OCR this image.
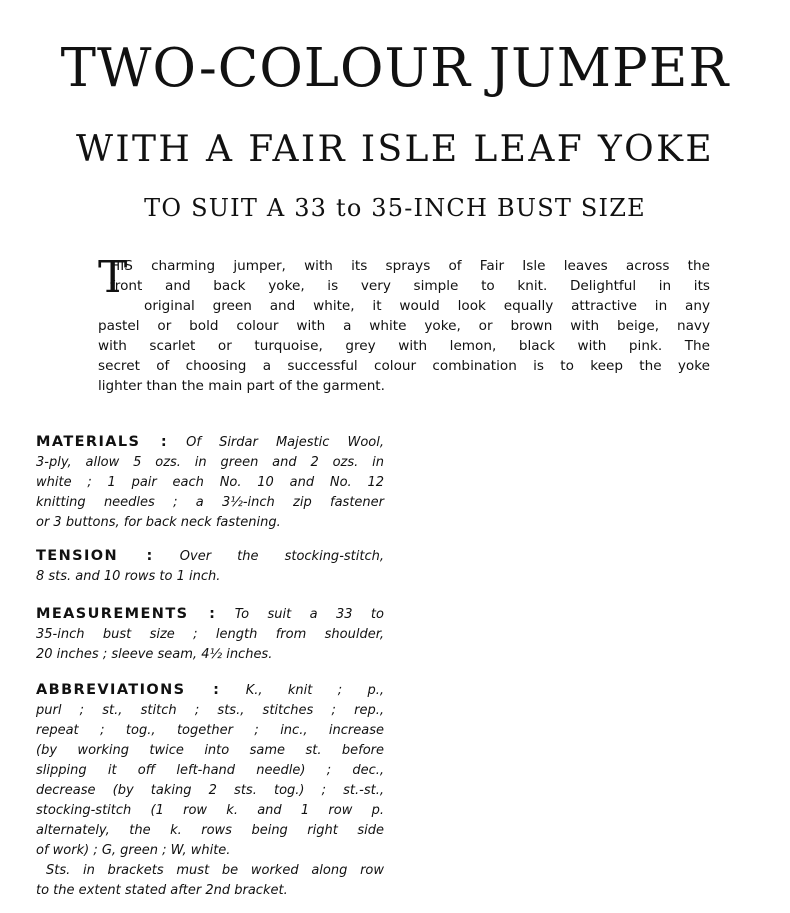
TWO-COLOUR JUMPER
WITH A FAIR ISLE LEAF YOKE
TO SUIT A 33 to 35-INCH BUST SIZE
T
HIS charming jumper, with its sprays of Fair Isle leaves across the
front and back yoke, is very simple to knit. Delightful in its
original green and white, it would look equally attractive in any
pastel or bold colour with a white yoke, or brown with beige, navy
with scarlet or turquoise, grey with lemon, black with pink. The
secret of choosing a successful colour combination is to keep the yoke
lighter than the main part of the garment.
MATERIALS : Of Sirdar Majestic Wool,
3-ply, allow 5 ozs. in green and 2 ozs. in
white ; 1 pair each No. 10 and No. 12
knitting needles ; a 3½-inch zip fastener
or 3 buttons, for back neck fastening.
TENSION : Over the stocking-stitch,
8 sts. and 10 rows to 1 inch.
MEASUREMENTS : To suit a 33 to
35-inch bust size ; length from shoulder,
20 inches ; sleeve seam, 4½ inches.
ABBREVIATIONS : K., knit ; p.,
purl ; st., stitch ; sts., stitches ; rep.,
repeat ; tog., together ; inc., increase
(by working twice into same st. before
slipping it off left-hand needle) ; dec.,
decrease (by taking 2 sts. tog.) ; st.-st.,
stocking-stitch (1 row k. and 1 row p.
alternately, the k. rows being right side
of work) ; G, green ; W, white.
Sts. in brackets must be worked along row
to the extent stated after 2nd bracket.
